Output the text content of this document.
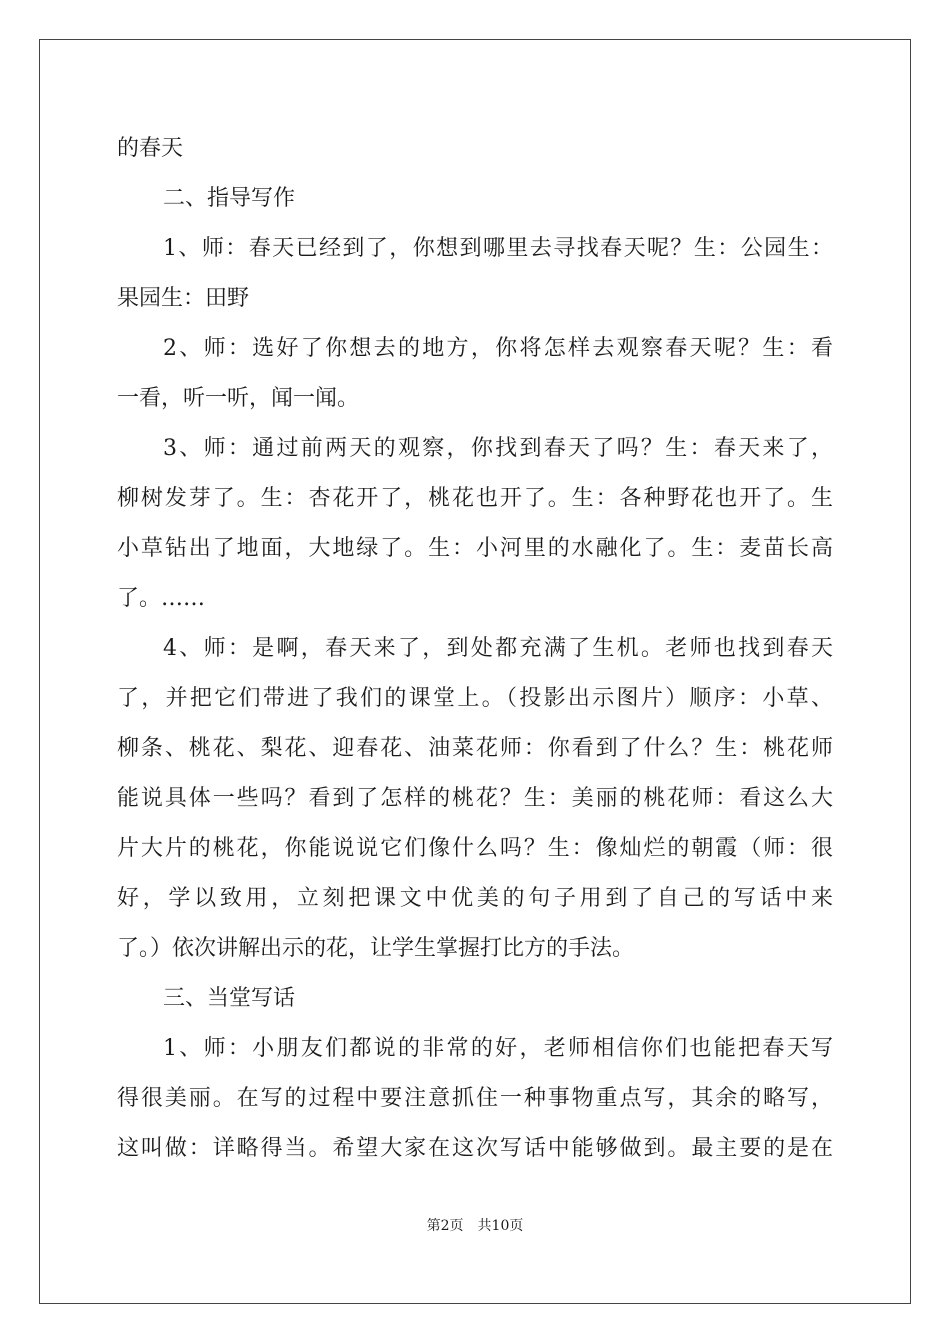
的春天
二、指导写作
1、师：春天已经到了，你想到哪里去寻找春天呢？生：公园生：
果园生：田野
2、师：选好了你想去的地方，你将怎样去观察春天呢？生：看
一看，听一听，闻一闻。
3、师：通过前两天的观察，你找到春天了吗？生：春天来了，
柳树发芽了。生：杏花开了，桃花也开了。生：各种野花也开了。生
小草钻出了地面，大地绿了。生：小河里的水融化了。生：麦苗长高
了。……
4、师：是啊，春天来了，到处都充满了生机。老师也找到春天
了，并把它们带进了我们的课堂上。（投影出示图片）顺序：小草、
柳条、桃花、梨花、迎春花、油菜花师：你看到了什么？生：桃花师
能说具体一些吗？看到了怎样的桃花？生：美丽的桃花师：看这么大
片大片的桃花，你能说说它们像什么吗？生：像灿烂的朝霞（师：很
好，学以致用，立刻把课文中优美的句子用到了自己的写话中来
了。）依次讲解出示的花，让学生掌握打比方的手法。
三、当堂写话
1、师：小朋友们都说的非常的好，老师相信你们也能把春天写
得很美丽。在写的过程中要注意抓住一种事物重点写，其余的略写，
这叫做：详略得当。希望大家在这次写话中能够做到。最主要的是在
第2页 共10页
